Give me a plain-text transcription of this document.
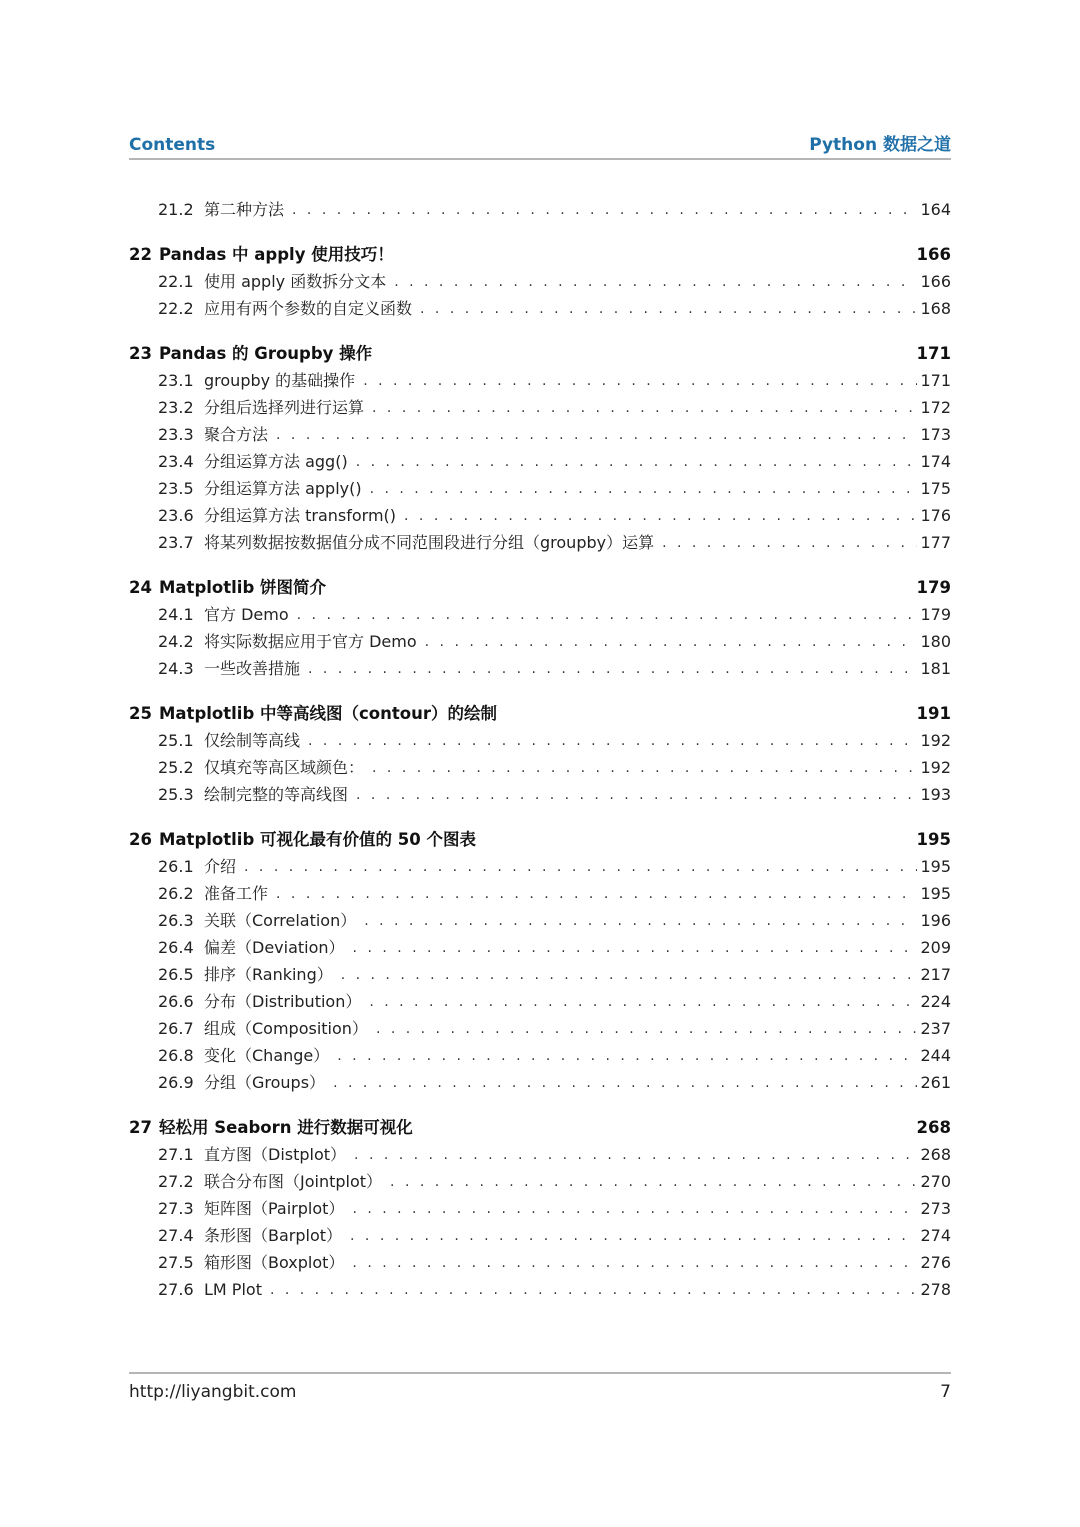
Contents	Python 数据之道
21.2 第二种方法 . . .	164
22 Pandas 中 apply 使用技巧！	166
22.1 使用 apply 函数拆分文本 . . .	166
22.2 应用有两个参数的自定义函数 . . .	168
23 Pandas 的 Groupby 操作	171
23.1 groupby 的基础操作 . . .	171
23.2 分组后选择列进行运算 . . .	172
23.3 聚合方法 . . .	173
23.4 分组运算方法 agg() . . .	174
23.5 分组运算方法 apply() . . .	175
23.6 分组运算方法 transform() . . .	176
23.7 将某列数据按数据值分成不同范围段进行分组（groupby）运算 . . .	177
24 Matplotlib 饼图简介	179
24.1 官方 Demo . . .	179
24.2 将实际数据应用于官方 Demo . . .	180
24.3 一些改善措施 . . .	181
25 Matplotlib 中等高线图（contour）的绘制	191
25.1 仅绘制等高线 . . .	192
25.2 仅填充等高区域颜色： . . .	192
25.3 绘制完整的等高线图 . . .	193
26 Matplotlib 可视化最有价值的 50 个图表	195
26.1 介绍 . . .	195
26.2 准备工作 . . .	195
26.3 关联（Correlation） . . .	196
26.4 偏差（Deviation） . . .	209
26.5 排序（Ranking） . . .	217
26.6 分布（Distribution） . . .	224
26.7 组成（Composition） . . .	237
26.8 变化（Change） . . .	244
26.9 分组（Groups） . . .	261
27 轻松用 Seaborn 进行数据可视化	268
27.1 直方图（Distplot） . . .	268
27.2 联合分布图（Jointplot） . . .	270
27.3 矩阵图（Pairplot） . . .	273
27.4 条形图（Barplot） . . .	274
27.5 箱形图（Boxplot） . . .	276
27.6 LM Plot . . .	278
http://liyangbit.com	7
